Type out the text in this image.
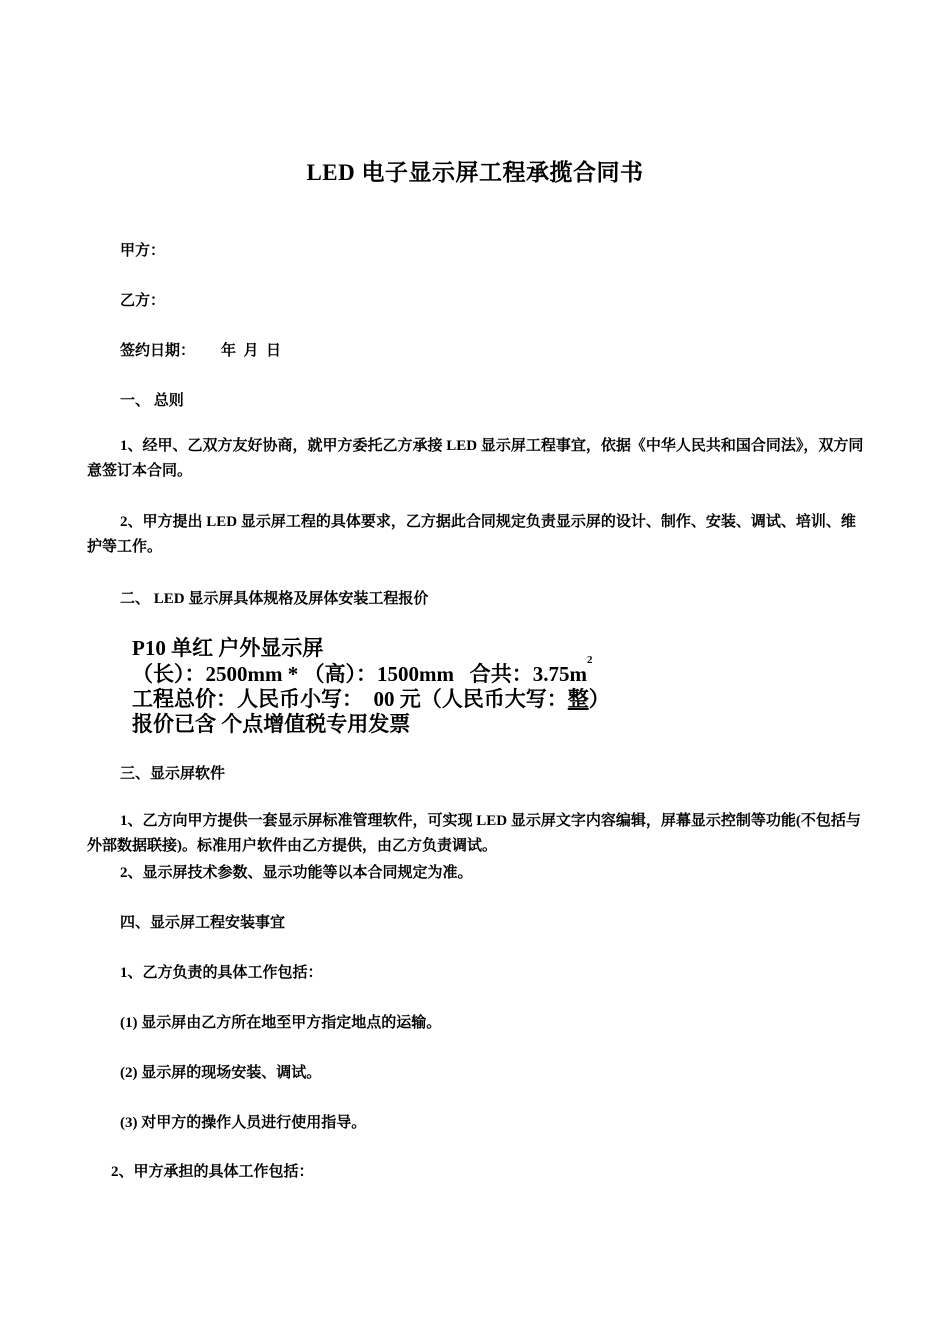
LED 电子显示屏工程承揽合同书
甲方：
乙方：
签约日期： 年  月  日
一、 总则
1、经甲、乙双方友好协商，就甲方委托乙方承接 LED 显示屏工程事宜，依据《中华人民共和国合同法》，双方同意签订本合同。
2、甲方提出 LED 显示屏工程的具体要求，乙方据此合同规定负责显示屏的设计、制作、安装、调试、培训、维护等工作。
二、 LED 显示屏具体规格及屏体安装工程报价
P10 单红 户外显示屏
（长）：2500mm * （高）：1500mm   合共：$3.75m^2$
工程总价：人民币小写：  00 元（人民币大写：整）
报价已含 个点增值税专用发票
三、显示屏软件
1、乙方向甲方提供一套显示屏标准管理软件，可实现 LED 显示屏文字内容编辑，屏幕显示控制等功能(不包括与外部数据联接)。标准用户软件由乙方提供，由乙方负责调试。
2、显示屏技术参数、显示功能等以本合同规定为准。
四、显示屏工程安装事宜
1、乙方负责的具体工作包括：
(1) 显示屏由乙方所在地至甲方指定地点的运输。
(2) 显示屏的现场安装、调试。
(3) 对甲方的操作人员进行使用指导。
2、甲方承担的具体工作包括：
